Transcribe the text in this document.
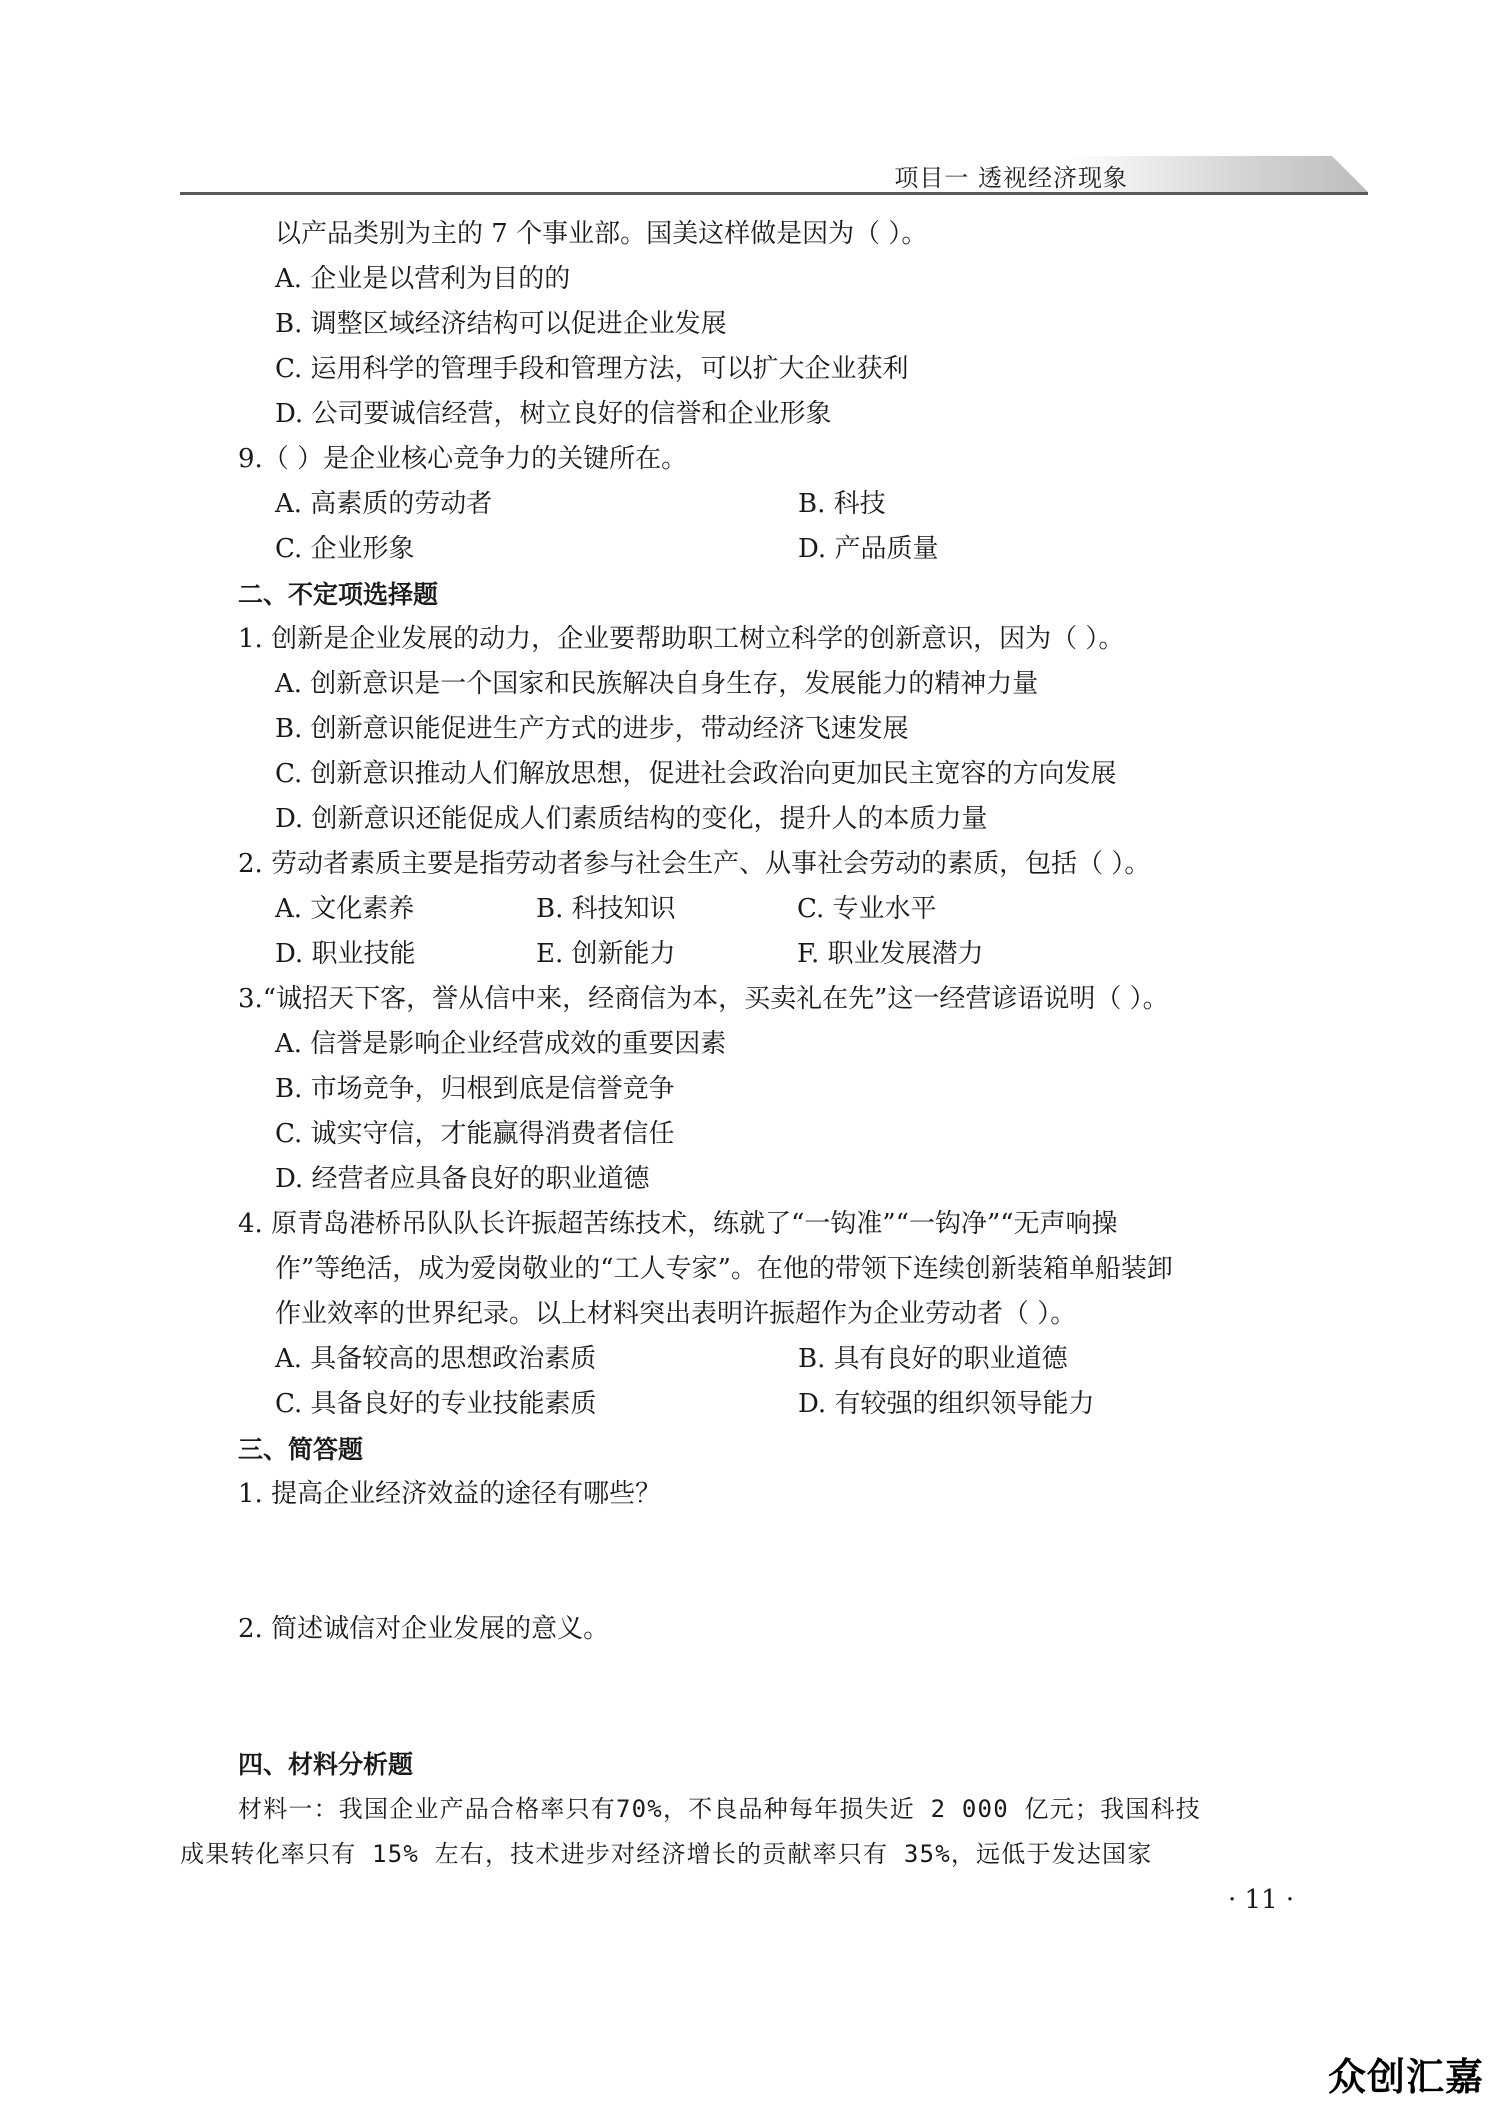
项目一 透视经济现象
以产品类别为主的 7 个事业部。国美这样做是因为（ ）。
A. 企业是以营利为目的的
B. 调整区域经济结构可以促进企业发展
C. 运用科学的管理手段和管理方法，可以扩大企业获利
D. 公司要诚信经营，树立良好的信誉和企业形象
9.（ ）是企业核心竞争力的关键所在。
A. 高素质的劳动者	B. 科技
C. 企业形象	D. 产品质量
二、不定项选择题
1. 创新是企业发展的动力，企业要帮助职工树立科学的创新意识，因为（ ）。
A. 创新意识是一个国家和民族解决自身生存，发展能力的精神力量
B. 创新意识能促进生产方式的进步，带动经济飞速发展
C. 创新意识推动人们解放思想，促进社会政治向更加民主宽容的方向发展
D. 创新意识还能促成人们素质结构的变化，提升人的本质力量
2. 劳动者素质主要是指劳动者参与社会生产、从事社会劳动的素质，包括（ ）。
A. 文化素养	B. 科技知识	C. 专业水平
D. 职业技能	E. 创新能力	F. 职业发展潜力
3.“诚招天下客，誉从信中来，经商信为本，买卖礼在先”这一经营谚语说明（ ）。
A. 信誉是影响企业经营成效的重要因素
B. 市场竞争，归根到底是信誉竞争
C. 诚实守信，才能赢得消费者信任
D. 经营者应具备良好的职业道德
4. 原青岛港桥吊队队长许振超苦练技术，练就了“一钩准”“一钩净”“无声响操
作”等绝活，成为爱岗敬业的“工人专家”。在他的带领下连续创新装箱单船装卸
作业效率的世界纪录。以上材料突出表明许振超作为企业劳动者（ ）。
A. 具备较高的思想政治素质	B. 具有良好的职业道德
C. 具备良好的专业技能素质	D. 有较强的组织领导能力
三、简答题
1. 提高企业经济效益的途径有哪些？
2. 简述诚信对企业发展的意义。
四、材料分析题
材料一：我国企业产品合格率只有70%，不良品种每年损失近 2 000 亿元；我国科技
成果转化率只有 15% 左右，技术进步对经济增长的贡献率只有 35%，远低于发达国家
· 11 ·
众创汇嘉
